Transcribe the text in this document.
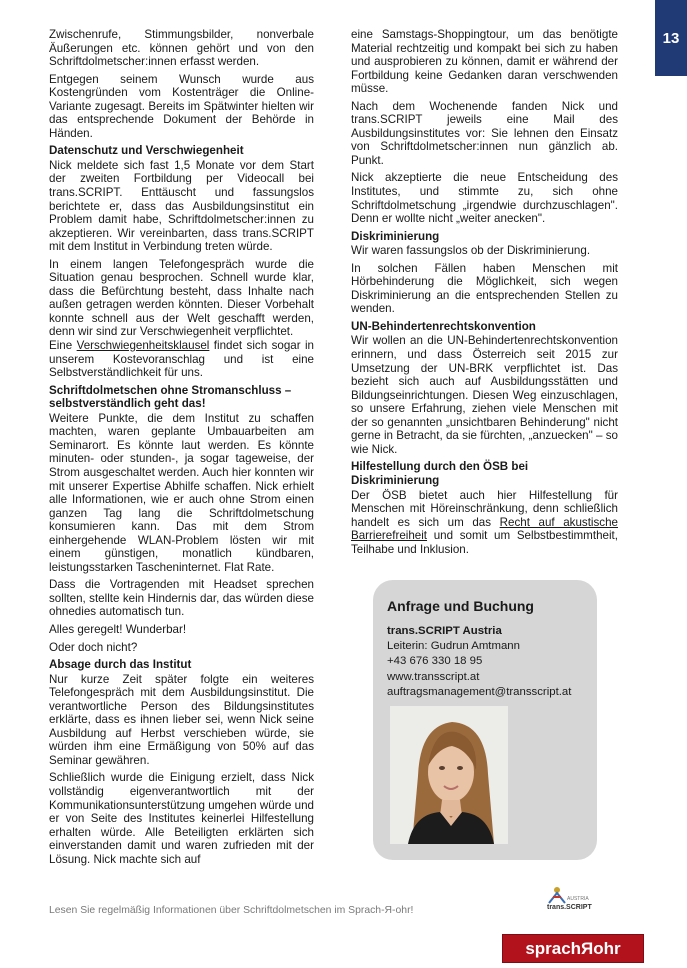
13

Zwischenrufe, Stimmungsbilder, nonverbale Äußerungen etc. können gehört und von den Schriftdolmetscher:innen erfasst werden.

Entgegen seinem Wunsch wurde aus Kostengründen vom Kostenträger die Online-Variante zugesagt. Bereits im Spätwinter hielten wir das entsprechende Dokument der Behörde in Händen.

Datenschutz und Verschwiegenheit

Nick meldete sich fast 1,5 Monate vor dem Start der zweiten Fortbildung per Videocall bei trans.SCRIPT. Enttäuscht und fassungslos berichtete er, dass das Ausbildungsinstitut ein Problem damit habe, Schriftdolmetscher:innen zu akzeptieren. Wir vereinbarten, dass trans.SCRIPT mit dem Institut in Verbindung treten würde.

In einem langen Telefongespräch wurde die Situation genau besprochen. Schnell wurde klar, dass die Befürchtung besteht, dass Inhalte nach außen getragen werden könnten. Dieser Vorbehalt konnte schnell aus der Welt geschafft werden, denn wir sind zur Verschwiegenheit verpflichtet.

Eine Verschwiegenheitsklausel findet sich sogar in unserem Kostevoranschlag und ist eine Selbstverständlichkeit für uns.

Schriftdolmetschen ohne Stromanschluss – selbstverständlich geht das!

Weitere Punkte, die dem Institut zu schaffen machten, waren geplante Umbauarbeiten am Seminarort. Es könnte laut werden. Es könnte minuten- oder stunden-, ja sogar tageweise, der Strom ausgeschaltet werden. Auch hier konnten wir mit unserer Expertise Abhilfe schaffen. Nick erhielt alle Informationen, wie er auch ohne Strom einen ganzen Tag lang die Schriftdolmetschung konsumieren kann. Das mit dem Strom einhergehende WLAN-Problem lösten wir mit einem günstigen, monatlich kündbaren, leistungsstarken Tascheninternet. Flat Rate.

Dass die Vortragenden mit Headset sprechen sollten, stellte kein Hindernis dar, das würden diese ohnedies automatisch tun.

Alles geregelt! Wunderbar!

Oder doch nicht?

Absage durch das Institut

Nur kurze Zeit später folgte ein weiteres Telefongespräch mit dem Ausbildungsinstitut. Die verantwortliche Person des Bildungsinstitutes erklärte, dass es ihnen lieber sei, wenn Nick seine Ausbildung auf Herbst verschieben würde, sie würden ihm eine Ermäßigung von 50% auf das Seminar gewähren.

Schließlich wurde die Einigung erzielt, dass Nick vollständig eigenverantwortlich mit der Kommunikationsunterstützung umgehen würde und er von Seite des Institutes keinerlei Hilfestellung erhalten würde. Alle Beteiligten erklärten sich einverstanden damit und waren zufrieden mit der Lösung. Nick machte sich auf

eine Samstags-Shoppingtour, um das benötigte Material rechtzeitig und kompakt bei sich zu haben und ausprobieren zu können, damit er während der Fortbildung keine Gedanken daran verschwenden müsse.

Nach dem Wochenende fanden Nick und trans.SCRIPT jeweils eine Mail des Ausbildungsinstitutes vor: Sie lehnen den Einsatz von Schriftdolmetscher:innen nun gänzlich ab. Punkt.

Nick akzeptierte die neue Entscheidung des Institutes, und stimmte zu, sich ohne Schriftdolmetschung „irgendwie durchzuschlagen". Denn er wollte nicht „weiter anecken".

Diskriminierung

Wir waren fassungslos ob der Diskriminierung.

In solchen Fällen haben Menschen mit Hörbehinderung die Möglichkeit, sich wegen Diskriminierung an die entsprechenden Stellen zu wenden.

UN-Behindertenrechtskonvention

Wir wollen an die UN-Behindertenrechtskonvention erinnern, und dass Österreich seit 2015 zur Umsetzung der UN-BRK verpflichtet ist. Das bezieht sich auch auf Ausbildungsstätten und Bildungseinrichtungen. Diesen Weg einzuschlagen, so unsere Erfahrung, ziehen viele Menschen mit der so genannten „unsichtbaren Behinderung" nicht gerne in Betracht, da sie fürchten, „anzuecken" – so wie Nick.

Hilfestellung durch den ÖSB bei Diskriminierung

Der ÖSB bietet auch hier Hilfestellung für Menschen mit Höreinschränkung, denn schließlich handelt es sich um das Recht auf akustische Barrierefreiheit und somit um Selbstbestimmtheit, Teilhabe und Inklusion.

Anfrage und Buchung
trans.SCRIPT Austria
Leiterin: Gudrun Amtmann
+43 676 330 18 95
www.transscript.at
auftragsmanagement@transscript.at
Lesen Sie regelmäßig Informationen über Schriftdolmetschen im Sprach-Я-ohr!	trans.SCRIPT
AUSTRIA
sprachЯohr
